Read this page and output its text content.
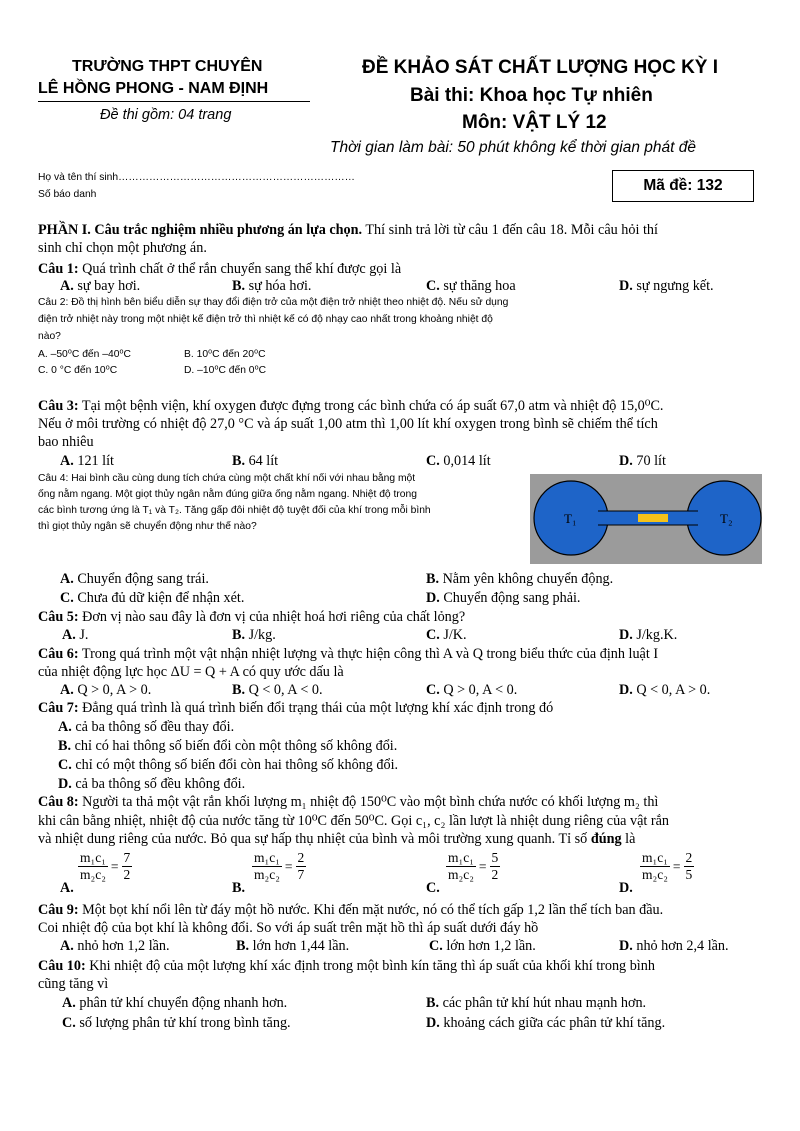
TRƯỜNG THPT CHUYÊN
LÊ HỒNG PHONG - NAM ĐỊNH
Đề thi gồm: 04 trang
ĐỀ KHẢO SÁT CHẤT LƯỢNG HỌC KỲ I
Bài thi: Khoa học Tự nhiên
Môn: VẬT LÝ 12
Thời gian làm bài: 50 phút không kể thời gian phát đề
Họ và tên thí sinh……………………………………………………………
Số báo danh
Mã đề: 132
PHẦN I. Câu trắc nghiệm nhiều phương án lựa chọn. Thí sinh trả lời từ câu 1 đến câu 18. Mỗi câu hỏi thí
sinh chỉ chọn một phương án.
Câu 1: Quá trình chất ở thể rắn chuyển sang thể khí được gọi là
A. sự bay hơi.	B. sự hóa hơi.	C. sự thăng hoa	D. sự ngưng kết.
Câu 2: Đồ thị hình bên biểu diễn sự thay đổi điện trở của một điện trở nhiệt theo nhiệt độ. Nếu sử dụng
điện trở nhiệt này trong một nhiệt kế điện trở thì nhiệt kế có độ nhạy cao nhất trong khoảng nhiệt độ
nào?
A. –50⁰C đến –40⁰C	B. 10⁰C đến 20⁰C
C. 0 °C đến 10⁰C	D. –10⁰C đến 0⁰C
Câu 3: Tại một bệnh viện, khí oxygen được đựng trong các bình chứa có áp suất 67,0 atm và nhiệt độ 15,0⁰C.
Nếu ở môi trường có nhiệt độ 27,0 °C và áp suất 1,00 atm thì 1,00 lít khí oxygen trong bình sẽ chiếm thể tích
bao nhiêu
A. 121 lít	B. 64 lít	C. 0,014 lít	D. 70 lít
Câu 4: Hai bình cầu cùng dung tích chứa cùng một chất khí nối với nhau bằng một
ống nằm ngang. Một giọt thủy ngân nằm đúng giữa ống nằm ngang. Nhiệt độ trong
các bình tương ứng là T₁ và T₂. Tăng gấp đôi nhiệt độ tuyệt đối của khí trong mỗi bình
thì giọt thủy ngân sẽ chuyển động như thế nào?
T₁	T₂
A. Chuyển động sang trái.	B. Nằm yên không chuyển động.
C. Chưa đủ dữ kiện để nhận xét.	D. Chuyển động sang phải.
Câu 5: Đơn vị nào sau đây là đơn vị của nhiệt hoá hơi riêng của chất lỏng?
A. J.	B. J/kg.	C. J/K.	D. J/kg.K.
Câu 6: Trong quá trình một vật nhận nhiệt lượng và thực hiện công thì A và Q trong biểu thức của định luật I
của nhiệt động lực học ΔU = Q + A có quy ước dấu là
A. Q > 0, A > 0.	B. Q < 0, A < 0.	C. Q > 0, A < 0.	D. Q < 0, A > 0.
Câu 7: Đẳng quá trình là quá trình biến đổi trạng thái của một lượng khí xác định trong đó
A. cả ba thông số đều thay đổi.
B. chỉ có hai thông số biến đổi còn một thông số không đổi.
C. chỉ có một thông số biến đổi còn hai thông số không đổi.
D. cả ba thông số đều không đổi.
Câu 8: Người ta thả một vật rắn khối lượng m₁ nhiệt độ 150⁰C vào một bình chứa nước có khối lượng m₂ thì
khi cân bằng nhiệt, nhiệt độ của nước tăng từ 10⁰C đến 50⁰C. Gọi c₁, c₂ lần lượt là nhiệt dung riêng của vật rắn
và nhiệt dung riêng của nước. Bỏ qua sự hấp thụ nhiệt của bình và môi trường xung quanh. Tỉ số đúng là
A.
$\frac{\text{m₁c₁}}{\text{m₂c₂}} = \frac{7}{2}$
B.
$\frac{\text{m₁c₁}}{\text{m₂c₂}} = \frac{2}{7}$
C.
$\frac{\text{m₁c₁}}{\text{m₂c₂}} = \frac{5}{2}$
D.
$\frac{\text{m₁c₁}}{\text{m₂c₂}} = \frac{2}{5}$
Câu 9: Một bọt khí nổi lên từ đáy một hồ nước. Khi đến mặt nước, nó có thể tích gấp 1,2 lần thể tích ban đầu.
Coi nhiệt độ của bọt khí là không đổi. So với áp suất trên mặt hồ thì áp suất dưới đáy hồ
A. nhỏ hơn 1,2 lần.	B. lớn hơn 1,44 lần.	C. lớn hơn 1,2 lần.	D. nhỏ hơn 2,4 lần.
Câu 10: Khi nhiệt độ của một lượng khí xác định trong một bình kín tăng thì áp suất của khối khí trong bình
cũng tăng vì
A. phân tử khí chuyển động nhanh hơn.	B. các phân tử khí hút nhau mạnh hơn.
C. số lượng phân tử khí trong bình tăng.	D. khoảng cách giữa các phân tử khí tăng.
